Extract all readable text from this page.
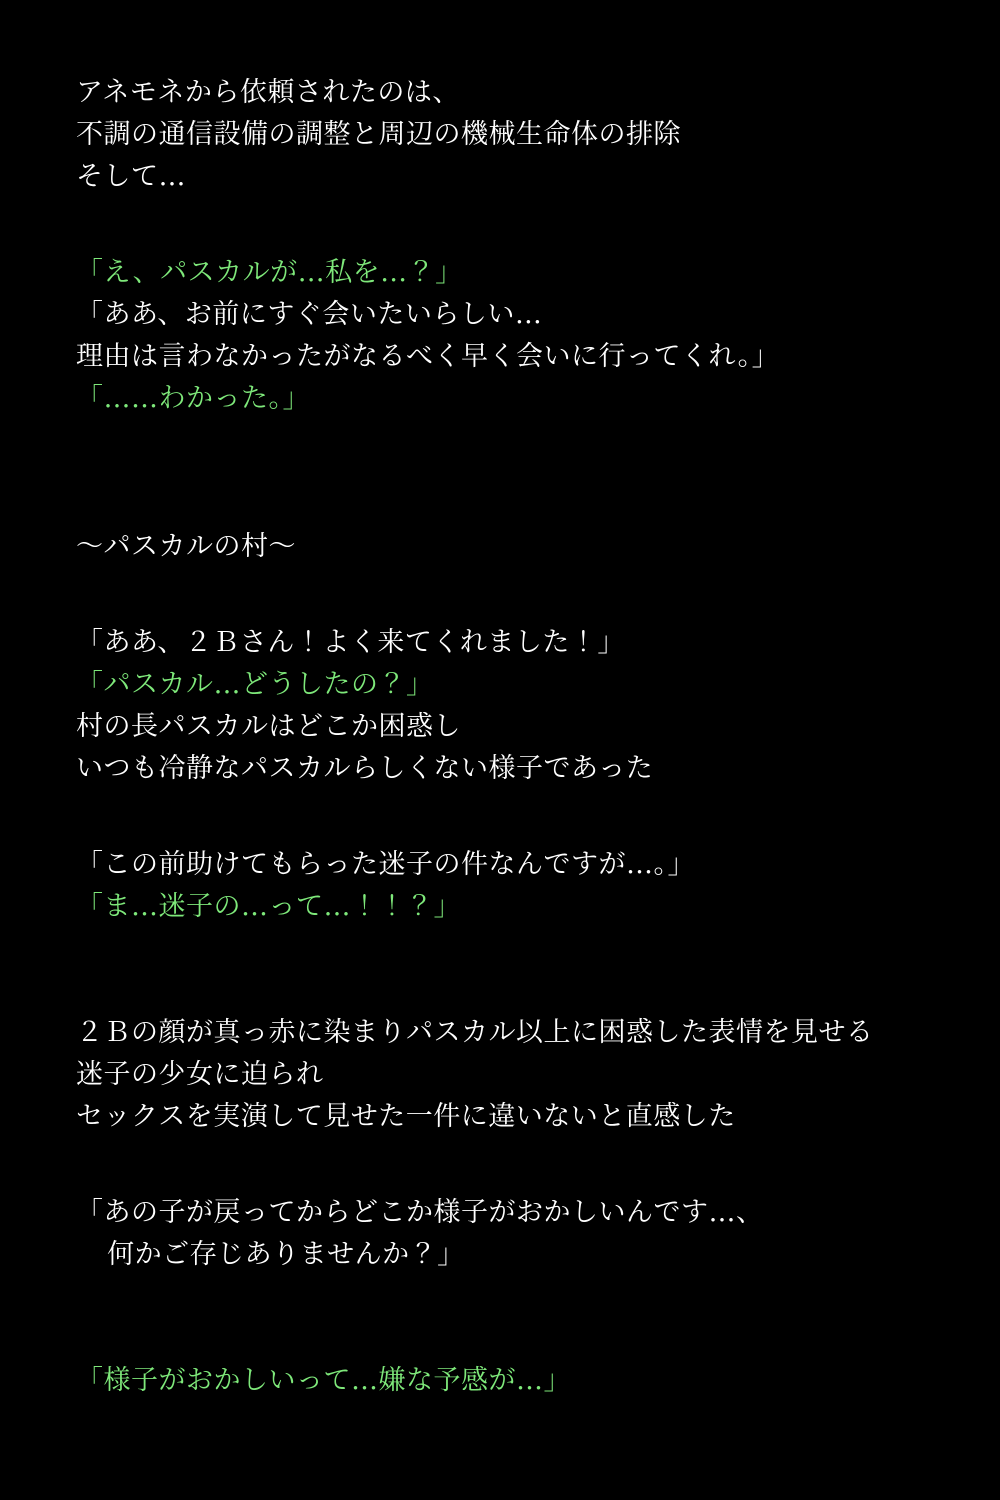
アネモネから依頼されたのは、
不調の通信設備の調整と周辺の機械生命体の排除
そして…
「え、パスカルが…私を…？」
「ああ、お前にすぐ会いたいらしい…
理由は言わなかったがなるべく早く会いに行ってくれ。」
「……わかった。」
〜パスカルの村〜
「ああ、２Ｂさん！よく来てくれました！」
「パスカル…どうしたの？」
村の長パスカルはどこか困惑し
いつも冷静なパスカルらしくない様子であった
「この前助けてもらった迷子の件なんですが…。」
「ま…迷子の…って…！！？」
２Ｂの顔が真っ赤に染まりパスカル以上に困惑した表情を見せる
迷子の少女に迫られ
セックスを実演して見せた一件に違いないと直感した
「あの子が戻ってからどこか様子がおかしいんです…、
何かご存じありませんか？」
「様子がおかしいって…嫌な予感が…」
